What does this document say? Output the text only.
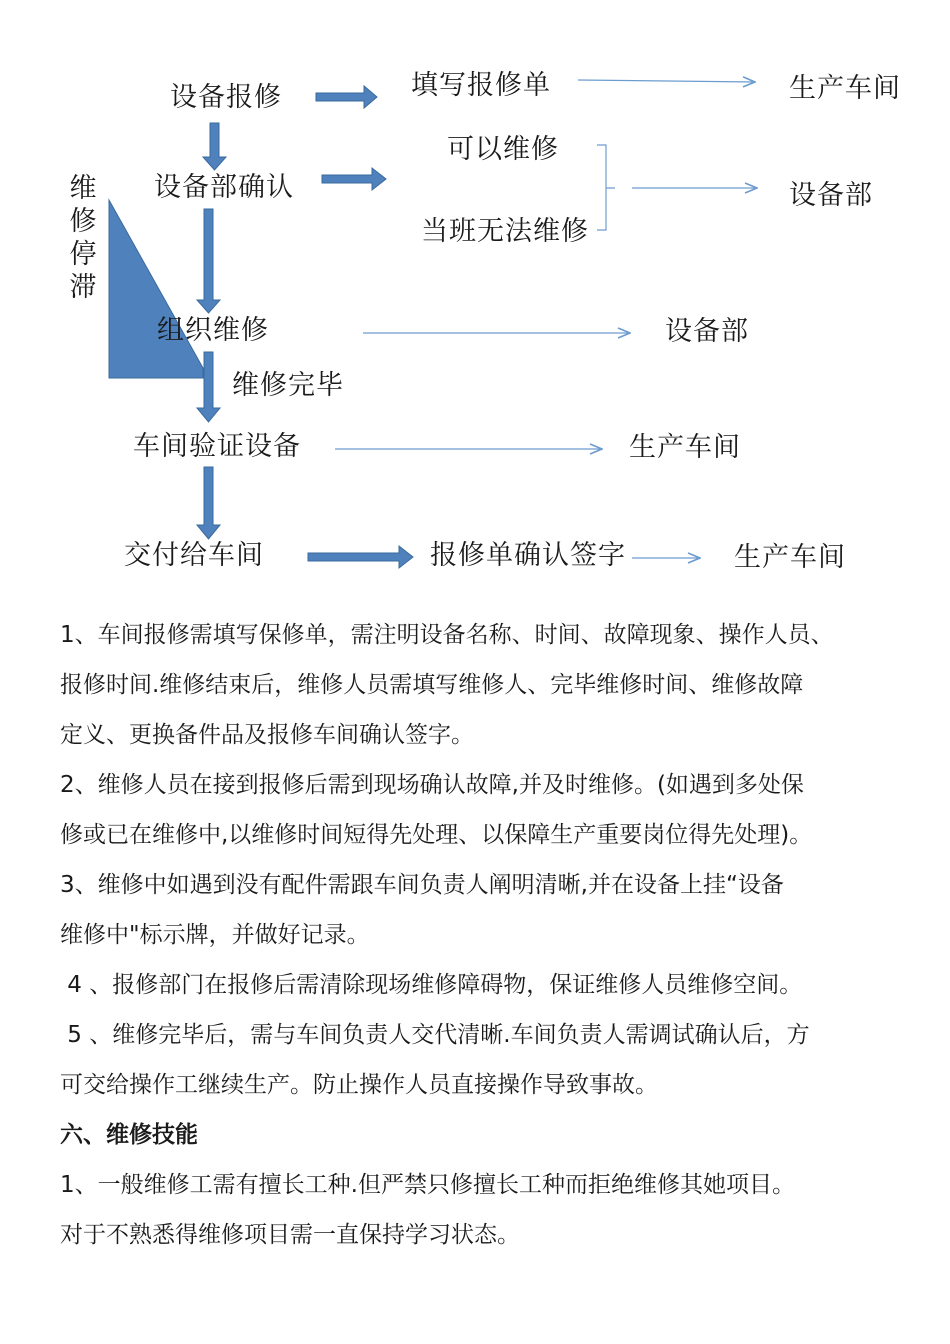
设备报修	填写报修单	生产车间
设备部确认
可以维修
当班无法维修
设备部
维修停滞
组织维修	设备部
维修完毕
车间验证设备	生产车间
交付给车间	报修单确认签字	生产车间

1、车间报修需填写保修单，需注明设备名称、时间、故障现象、操作人员、

报修时间.维修结束后，维修人员需填写维修人、完毕维修时间、维修故障

定义、更换备件品及报修车间确认签字。

2、维修人员在接到报修后需到现场确认故障,并及时维修。(如遇到多处保

修或已在维修中,以维修时间短得先处理、以保障生产重要岗位得先处理)。

3、维修中如遇到没有配件需跟车间负责人阐明清晰,并在设备上挂“设备

维修中"标示牌，并做好记录。

4 、报修部门在报修后需清除现场维修障碍物，保证维修人员维修空间。

5 、维修完毕后，需与车间负责人交代清晰.车间负责人需调试确认后，方

可交给操作工继续生产。防止操作人员直接操作导致事故。

六、维修技能

1、一般维修工需有擅长工种.但严禁只修擅长工种而拒绝维修其她项目。

对于不熟悉得维修项目需一直保持学习状态。
